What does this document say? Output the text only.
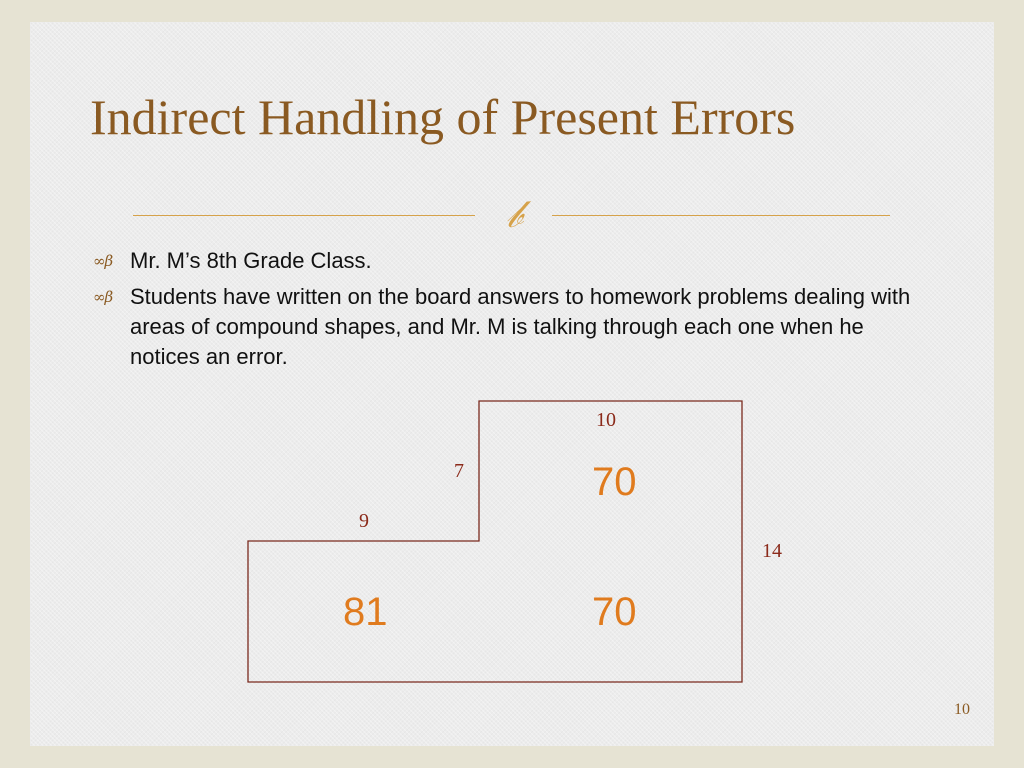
Indirect Handling of Present Errors
𝒷
∞β Mr. M’s 8th Grade Class.
∞β Students have written on the board answers to homework problems dealing with areas of compound shapes, and Mr. M is talking through each one when he notices an error.
10
7
9
14
70
81	70
10
